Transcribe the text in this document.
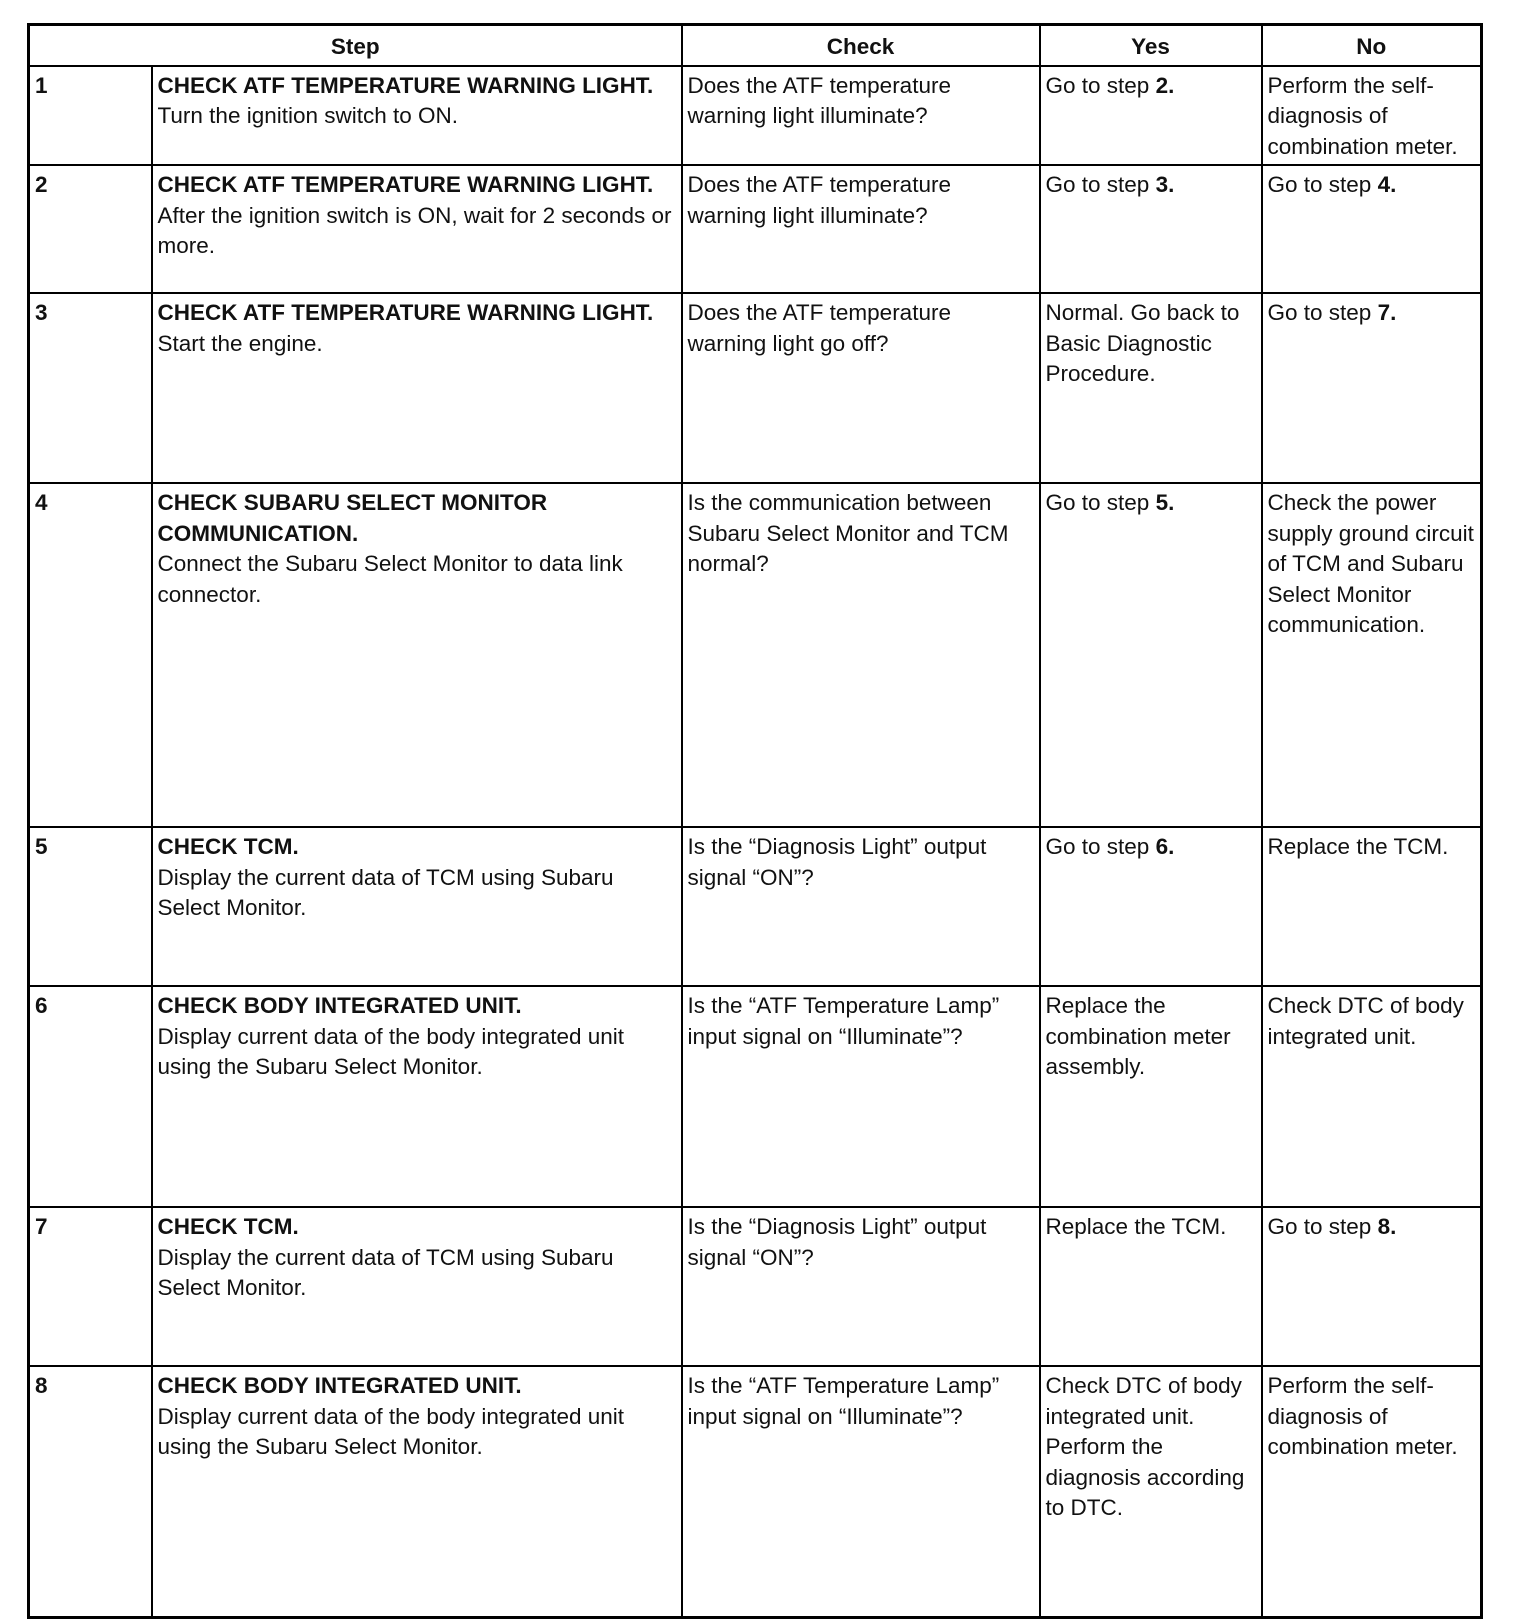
Step		Check	Yes	No
1	CHECK ATF TEMPERATURE WARNING LIGHT.
Turn the ignition switch to ON.	Does the ATF temperature warning light illuminate?	Go to step 2.	Perform the self-diagnosis of combination meter.
2	CHECK ATF TEMPERATURE WARNING LIGHT.
After the ignition switch is ON, wait for 2 seconds or more.	Does the ATF temperature warning light illuminate?	Go to step 3.	Go to step 4.
3	CHECK ATF TEMPERATURE WARNING LIGHT.
Start the engine.	Does the ATF temperature warning light go off?	Normal. Go back to Basic Diagnostic Procedure.	Go to step 7.
4	CHECK SUBARU SELECT MONITOR COMMUNICATION.
Connect the Subaru Select Monitor to data link connector.	Is the communication between Subaru Select Monitor and TCM normal?	Go to step 5.	Check the power supply ground circuit of TCM and Subaru Select Monitor communication.
5	CHECK TCM.
Display the current data of TCM using Subaru Select Monitor.	Is the “Diagnosis Light” output signal “ON”?	Go to step 6.	Replace the TCM.
6	CHECK BODY INTEGRATED UNIT.
Display current data of the body integrated unit using the Subaru Select Monitor.	Is the “ATF Temperature Lamp” input signal on “Illuminate”?	Replace the combination meter assembly.	Check DTC of body integrated unit.
7	CHECK TCM.
Display the current data of TCM using Subaru Select Monitor.	Is the “Diagnosis Light” output signal “ON”?	Replace the TCM.	Go to step 8.
8	CHECK BODY INTEGRATED UNIT.
Display current data of the body integrated unit using the Subaru Select Monitor.	Is the “ATF Temperature Lamp” input signal on “Illuminate”?	Check DTC of body integrated unit. Perform the diagnosis according to DTC.	Perform the self-diagnosis of combination meter.
